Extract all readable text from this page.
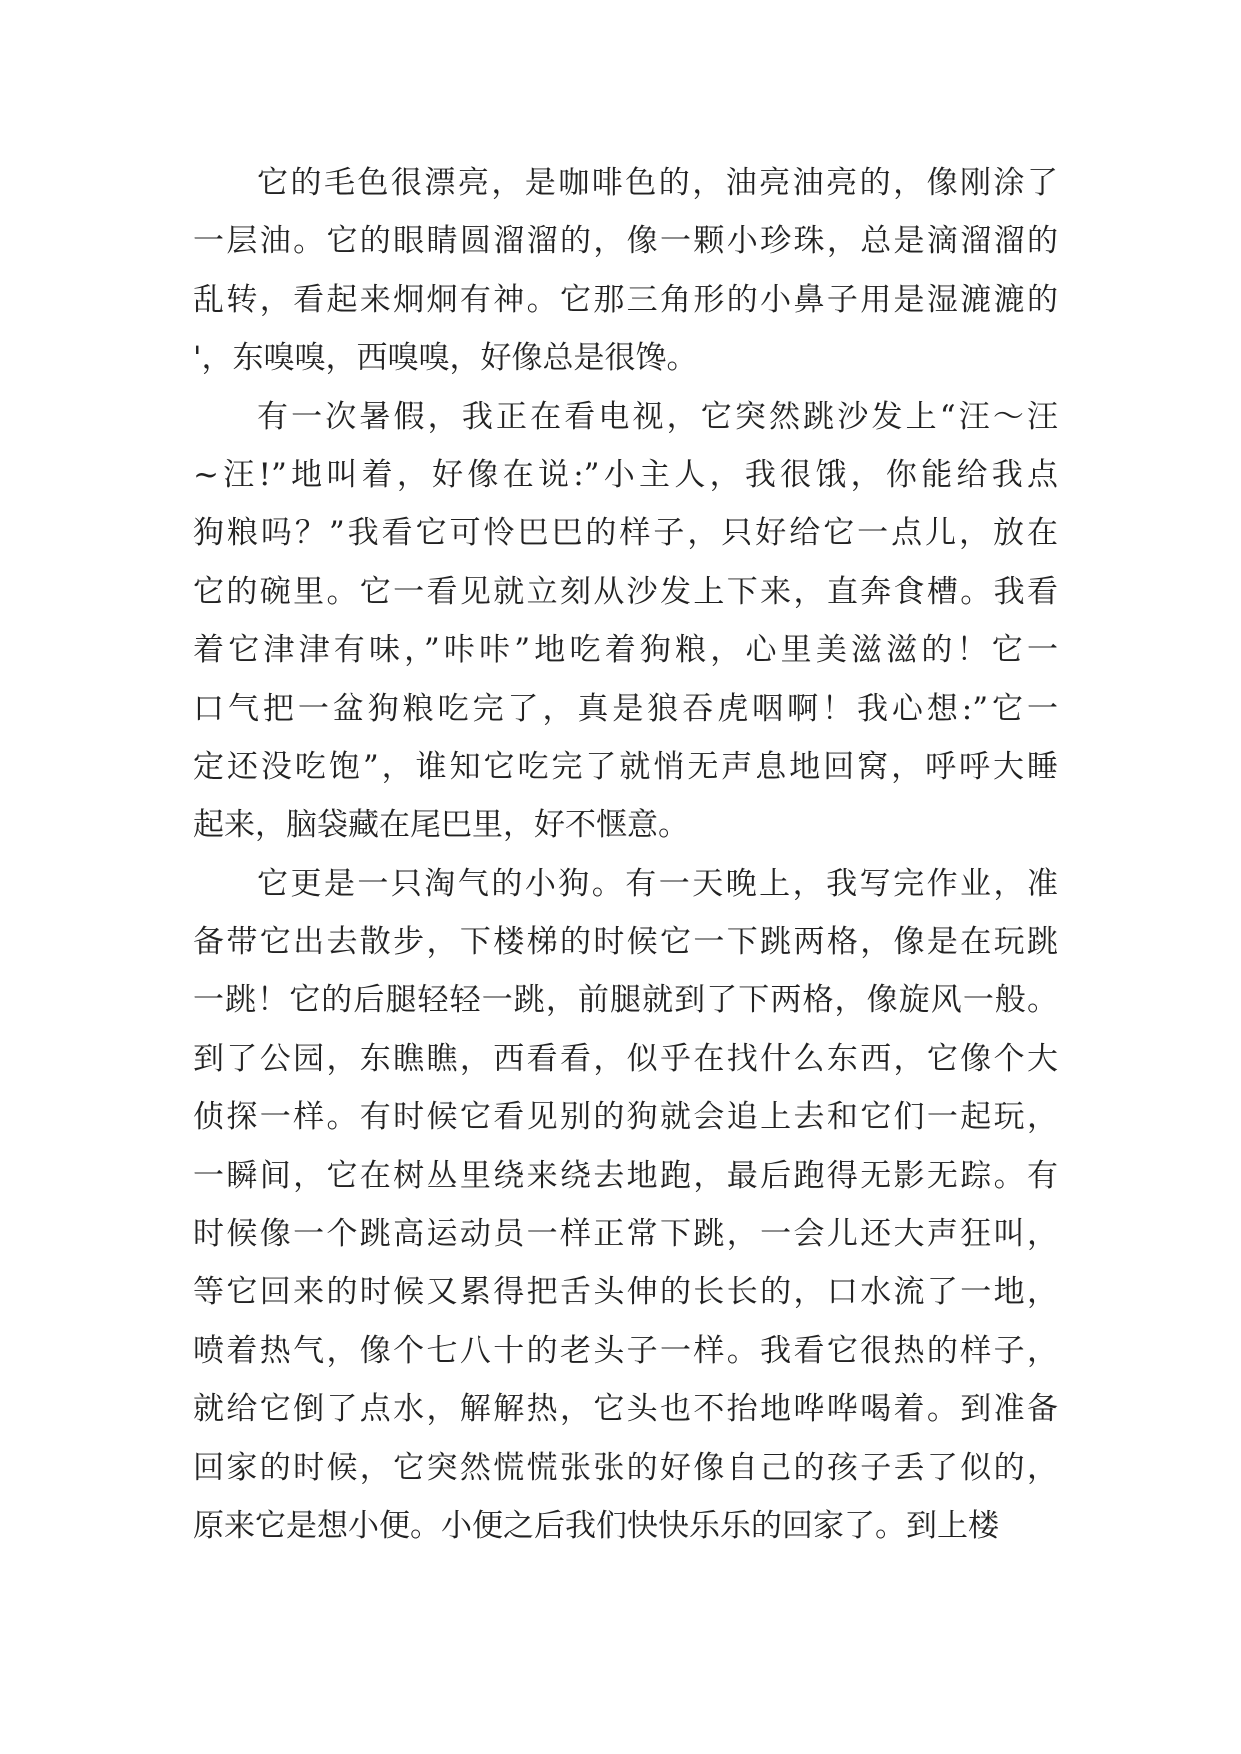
它的毛色很漂亮，是咖啡色的，油亮油亮的，像刚涂了
一层油。它的眼睛圆溜溜的，像一颗小珍珠，总是滴溜溜的
乱转，看起来炯炯有神。它那三角形的小鼻子用是湿漉漉的
'，东嗅嗅，西嗅嗅，好像总是很馋。
有一次暑假，我正在看电视，它突然跳沙发上“汪～汪
~汪!”地叫着，好像在说:”小主人，我很饿，你能给我点
狗粮吗？”我看它可怜巴巴的样子，只好给它一点儿，放在
它的碗里。它一看见就立刻从沙发上下来，直奔食槽。我看
着它津津有味，”咔咔”地吃着狗粮，心里美滋滋的！它一
口气把一盆狗粮吃完了，真是狼吞虎咽啊！我心想:”它一
定还没吃饱”，谁知它吃完了就悄无声息地回窝，呼呼大睡
起来，脑袋藏在尾巴里，好不惬意。
它更是一只淘气的小狗。有一天晚上，我写完作业，准
备带它出去散步，下楼梯的时候它一下跳两格，像是在玩跳
一跳！它的后腿轻轻一跳，前腿就到了下两格，像旋风一般。
到了公园，东瞧瞧，西看看，似乎在找什么东西，它像个大
侦探一样。有时候它看见别的狗就会追上去和它们一起玩，
一瞬间，它在树丛里绕来绕去地跑，最后跑得无影无踪。有
时候像一个跳高运动员一样正常下跳，一会儿还大声狂叫，
等它回来的时候又累得把舌头伸的长长的，口水流了一地，
喷着热气，像个七八十的老头子一样。我看它很热的样子，
就给它倒了点水，解解热，它头也不抬地哗哗喝着。到准备
回家的时候，它突然慌慌张张的好像自己的孩子丢了似的，
原来它是想小便。小便之后我们快快乐乐的回家了。到上楼
